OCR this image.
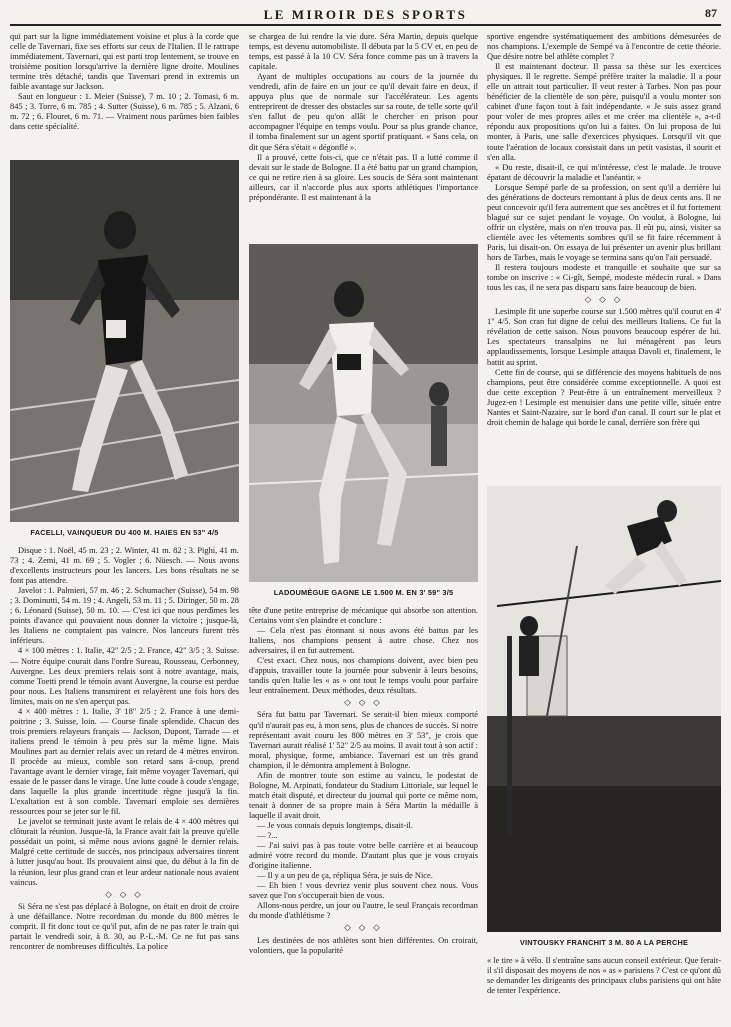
LE MIROIR DES SPORTS	87

qui part sur la ligne immédiatement voisine et plus à la corde que celle de Tavernari, fixe ses efforts sur ceux de l'Italien. Il le rattrape immédiatement. Tavernari, qui est parti trop lentement, se trouve en troisième position lorsqu'arrive la dernière ligne droite. Moulines termine très détaché, tandis que Tavernari prend in extremis un faible avantage sur Jackson.

Saut en longueur : 1. Meier (Suisse), 7 m. 10 ; 2. Tomasi, 6 m. 845 ; 3. Torre, 6 m. 785 ; 4. Sutter (Suisse), 6 m. 785 ; 5. Alzani, 6 m. 72 ; 6. Flouret, 6 m. 71. — Vraiment nous parûmes bien faibles dans cette spécialité.

FACELLI, VAINQUEUR DU 400 M. HAIES EN 53" 4/5

Disque : 1. Noël, 45 m. 23 ; 2. Winter, 41 m. 82 ; 3. Pighi, 41 m. 73 ; 4. Zemi, 41 m. 69 ; 5. Vogler ; 6. Nüesch. — Nous avons d'excellents instructeurs pour les lancers. Les bons résultats ne se font pas attendre.

Javelot : 1. Palmieri, 57 m. 46 ; 2. Schumacher (Suisse), 54 m. 98 ; 3. Dominutti, 54 m. 19 ; 4. Angeli, 53 m. 11 ; 5. Diringer, 50 m. 28 ; 6. Léonard (Suisse), 50 m. 10. — C'est ici que nous perdîmes les points d'avance qui pouvaient nous donner la victoire ; jusque-là, les Italiens ne comptaient pas vaincre. Nos lanceurs furent très inférieurs.

4 × 100 mètres : 1. Italie, 42" 2/5 ; 2. France, 42" 3/5 ; 3. Suisse. — Notre équipe courait dans l'ordre Sureau, Rousseau, Cerbonney, Auvergne. Les deux premiers relais sont à notre avantage, mais, comme Toetti prend le témoin avant Auvergne, la course est perdue pour nous. Les Italiens transmirent et relayèrent une fois hors des limites, mais on ne s'en aperçut pas.

4 × 400 mètres : 1. Italie, 3' 18" 2/5 ; 2. France à une demi-poitrine ; 3. Suisse, loin. — Course finale splendide. Chacun des trois premiers relayeurs français — Jackson, Dupont, Tarrade — et italiens prend le témoin à peu près sur la même ligne. Mais Moulines part au dernier relais avec un retard de 4 mètres environ. Il procède au mieux, comble son retard sans à-coup, prend l'avantage avant le dernier virage, fait même voyager Tavernari, qui essaie de le passer dans le virage. Une lutte coude à coude s'engage, dans laquelle la plus grande incertitude règne jusqu'à la fin. L'exaltation est à son comble. Tavernari emploie ses dernières ressources pour se jeter sur le fil.

Le javelot se terminait juste avant le relais de 4 × 400 mètres qui clôturait la réunion. Jusque-là, la France avait fait la preuve qu'elle possédait un point, si même nous avions gagné le dernier relais. Malgré cette certitude de succès, nos principaux adversaires tinrent à lutter jusqu'au bout. Ils prouvaient ainsi que, du début à la fin de la réunion, leur plus grand cran et leur ardeur nationale nous avaient vaincus.

◇ ◇ ◇

Si Séra ne s'est pas déplacé à Bologne, on était en droit de croire à une défaillance. Notre recordman du monde du 800 mètres le comprit. Il fit donc tout ce qu'il put, afin de ne pas rater le train qui partait le vendredi soir, à 8. 30, au P.-L.-M. Ce ne fut pas sans rencontrer de nombreuses difficultés. La police

se chargea de lui rendre la vie dure. Séra Martin, depuis quelque temps, est devenu automobiliste. Il débuta par la 5 CV et, en peu de temps, est passé à la 10 CV. Séra fonce comme pas un à travers la capitale.

Ayant de multiples occupations au cours de la journée du vendredi, afin de faire en un jour ce qu'il devait faire en deux, il appuya plus que de normale sur l'accélérateur. Les agents entreprirent de dresser des obstacles sur sa route, de telle sorte qu'il s'en fallut de peu qu'on allât le chercher en prison pour accompagner l'équipe en temps voulu. Pour sa plus grande chance, il tomba finalement sur un agent sportif pratiquant. « Sans cela, on dit que Séra s'était « dégonflé ».

Il a prouvé, cette fois-ci, que ce n'était pas. Il a lutté comme il devait sur le stade de Bologne. Il a été battu par un grand champion, ce qui ne retire rien à sa gloire. Les soucis de Séra sont maintenant ailleurs, car il n'accorde plus aux sports athlétiques l'importance prépondérante. Il est maintenant à la

LADOUMÈGUE GAGNE LE 1.500 M. EN 3' 59" 3/5

tête d'une petite entreprise de mécanique qui absorbe son attention. Certains vont s'en plaindre et conclure :

— Cela n'est pas étonnant si nous avons été battus par les Italiens, nos champions pensent à autre chose. Chez nos adversaires, il en fut autrement.

C'est exact. Chez nous, nos champions doivent, avec bien peu d'appuis, travailler toute la journée pour subvenir à leurs besoins, tandis qu'en Italie les « as » ont tout le temps voulu pour parfaire leur entraînement. Deux méthodes, deux résultats.

◇ ◇ ◇

Séra fut battu par Tavernari. Se serait-il bien mieux comporté qu'il n'aurait pas eu, à mon sens, plus de chances de succès. Si notre représentant avait couru les 800 mètres en 3' 53", je crois que Tavernari aurait réalisé 1' 52" 2/5 au moins. Il avait tout à son actif : moral, physique, forme, ambiance. Tavernari est un très grand champion, il le démontra amplement à Bologne.

Afin de montrer toute son estime au vaincu, le podestat de Bologne, M. Arpinati, fondateur du Stadium Littoriale, sur lequel le match était disputé, et directeur du journal qui porte ce même nom, tenait à donner de sa propre main à Séra Martin la médaille à laquelle il avait droit.

— Je vous connais depuis longtemps, disait-il.

— ?...

— J'ai suivi pas à pas toute votre belle carrière et ai beaucoup admiré votre record du monde. D'autant plus que je vous croyais d'origine italienne.

— Il y a un peu de ça, répliqua Séra, je suis de Nice.

— Eh bien ! vous devriez venir plus souvent chez nous. Vous savez que l'on s'occuperait bien de vous.

Allons-nous perdre, un jour ou l'autre, le seul Français recordman du monde d'athlétisme ?

◇ ◇ ◇

Les destinées de nos athlètes sont bien différentes. On croirait, volontiers, que la popularité

sportive engendre systématiquement des ambitions démesurées de nos champions. L'exemple de Sempé va à l'encontre de cette théorie. Que désire notre bel athlète complet ?

Il est maintenant docteur. Il passa sa thèse sur les exercices physiques. Il le regrette. Sempé préfère traiter la maladie. Il a pour elle un attrait tout particulier. Il veut rester à Tarbes. Non pas pour bénéficier de la clientèle de son père, puisqu'il a voulu monter son cabinet d'une façon tout à fait indépendante. « Je suis assez grand pour voler de mes propres ailes et me créer ma clientèle », a-t-il répondu aux propositions qu'on lui a faites. On lui proposa de lui monter, à Paris, une salle d'exercices physiques. Lorsqu'il vit que toute l'aération de locaux consistait dans un petit vasistas, il sourit et s'en alla.

« Du reste, disait-il, ce qui m'intéresse, c'est le malade. Je trouve épatant de découvrir la maladie et l'anéantir. »

Lorsque Sempé parle de sa profession, on sent qu'il a derrière lui des générations de docteurs remontant à plus de deux cents ans. Il ne peut concevoir qu'il fera autrement que ses ancêtres et il fut fortement blagué sur ce sujet pendant le voyage. On voulut, à Bologne, lui offrir un clystère, mais on n'en trouva pas. Il eût pu, ainsi, visiter sa clientèle avec les vêtements sombres qu'il se fit faire récemment à Paris, lui disait-on. On essaya de lui présenter un avenir plus brillant hors de Tarbes, mais le voyage se termina sans qu'on l'ait persuadé.

Il restera toujours modeste et tranquille et souhaite que sur sa tombe on inscrive : « Ci-gît, Sempé, modeste médecin rural. » Dans tous les cas, il ne sera pas disparu sans faire beaucoup de bien.

◇ ◇ ◇

Lesimple fit une superbe course sur 1.500 mètres qu'il courut en 4' 1" 4/5. Son cran fut digne de celui des meilleurs Italiens. Ce fut la révélation de cette saison. Nous pouvons beaucoup espérer de lui. Les spectateurs transalpins ne lui ménagèrent pas leurs applaudissements, lorsque Lesimple attaqua Davoli et, finalement, le battit au sprint.

Cette fin de course, qui se différencie des moyens habituels de nos champions, peut être considérée comme exceptionnelle. A quoi est due cette exception ? Peut-être à un entraînement merveilleux ? Jugez-en ! Lesimple est menuisier dans une petite ville, située entre Nantes et Saint-Nazaire, sur le bord d'un canal. Il court sur le plat et droit chemin de halage qui borde le canal, derrière son frère qui

VINTOUSKY FRANCHIT 3 M. 80 A LA PERCHE

« le tire » à vélo. Il s'entraîne sans aucun conseil extérieur. Que ferait-il s'il disposait des moyens de nos « as » parisiens ? C'est ce qu'ont dû se demander les dirigeants des principaux clubs parisiens qui ont hâte de tenter l'expérience.
